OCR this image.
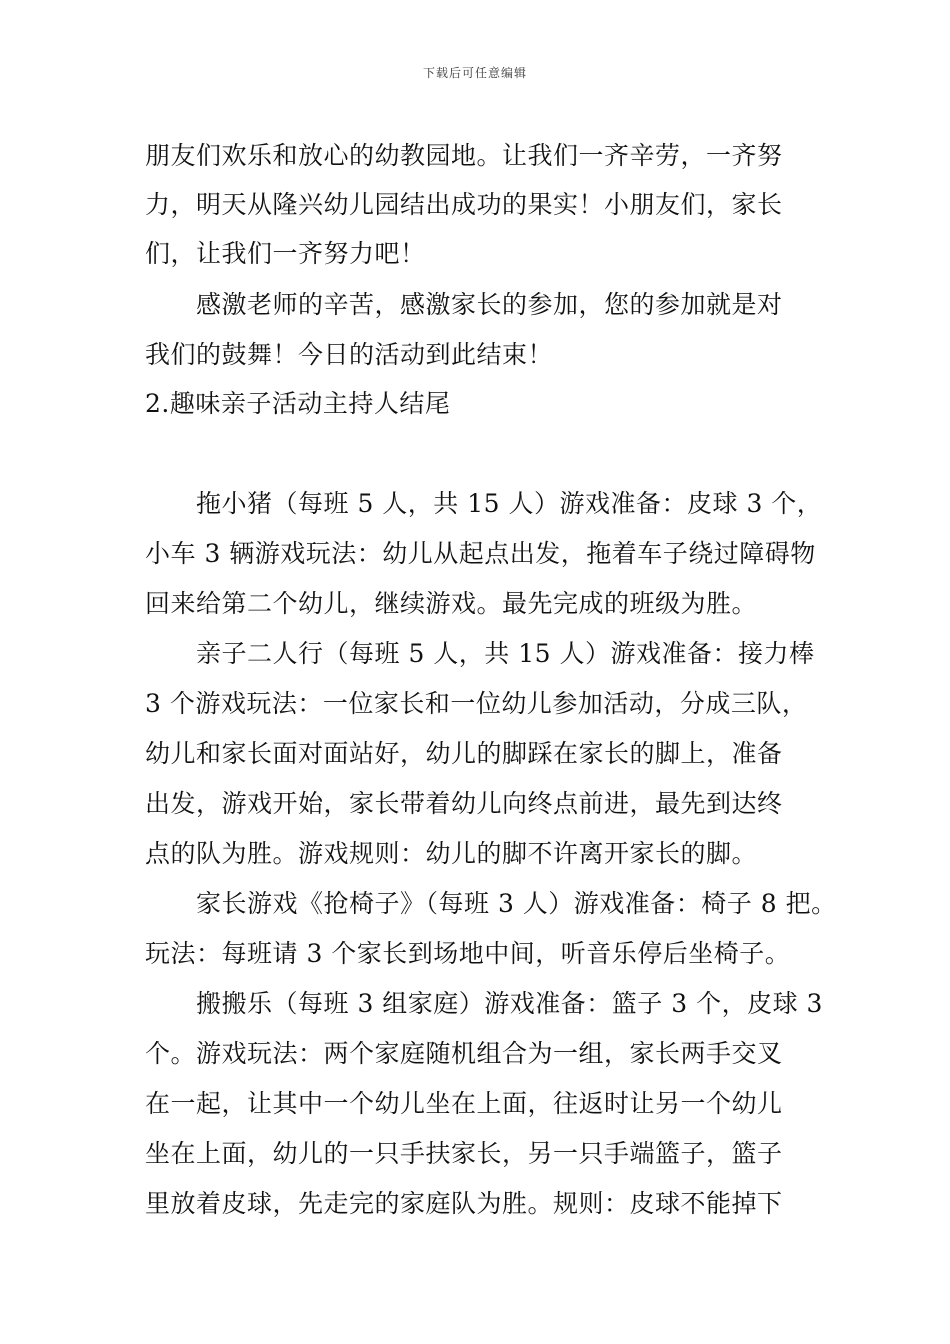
下载后可任意编辑
朋友们欢乐和放心的幼教园地。让我们一齐辛劳，一齐努
力，明天从隆兴幼儿园结出成功的果实！小朋友们，家长
们，让我们一齐努力吧！
感激老师的辛苦，感激家长的参加，您的参加就是对
我们的鼓舞！今日的活动到此结束！
2.趣味亲子活动主持人结尾
拖小猪（每班 5 人，共 15 人）游戏准备：皮球 3 个，
小车 3 辆游戏玩法：幼儿从起点出发，拖着车子绕过障碍物
回来给第二个幼儿，继续游戏。最先完成的班级为胜。
亲子二人行（每班 5 人，共 15 人）游戏准备：接力棒
3 个游戏玩法：一位家长和一位幼儿参加活动，分成三队，
幼儿和家长面对面站好，幼儿的脚踩在家长的脚上，准备
出发，游戏开始，家长带着幼儿向终点前进，最先到达终
点的队为胜。游戏规则：幼儿的脚不许离开家长的脚。
家长游戏《抢椅子》（每班 3 人）游戏准备：椅子 8 把。
玩法：每班请 3 个家长到场地中间，听音乐停后坐椅子。
搬搬乐（每班 3 组家庭）游戏准备：篮子 3 个，皮球 3
个。游戏玩法：两个家庭随机组合为一组，家长两手交叉
在一起，让其中一个幼儿坐在上面，往返时让另一个幼儿
坐在上面，幼儿的一只手扶家长，另一只手端篮子，篮子
里放着皮球，先走完的家庭队为胜。规则：皮球不能掉下
